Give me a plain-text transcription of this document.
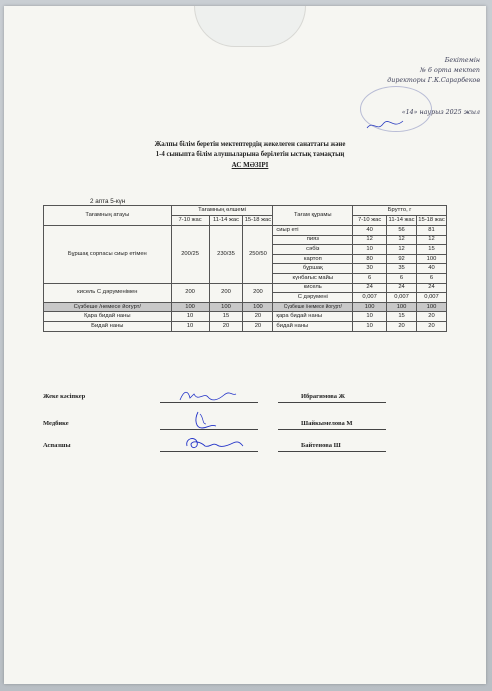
Бекітемін
№ 6 орта мектеп
директоры Г.К.Сарарбеков
«14» наурыз 2025 жыл
Жалпы білім беретін мектептердің жекелеген санаттағы және
1-4 сыныпта білім алушыларына берілетін ыстық тамақтың
АС МӘЗІРІ
2 апта 5-күн
Тағамның атауы	Тағамның өлшемі			Тағам құрамы	Брутто, г		
	7-10 жас	11-14 жас	15-18 жас		7-10 жас	11-14 жас	15-18 жас
Бұршақ сорпасы сиыр етімен	200/25	230/35	250/50	сиыр еті	40	56	81
				пияз	12	12	12
				сәбіз	10	12	15
				картоп	80	92	100
				бұршақ	30	35	40
				күнбағыс майы	6	6	6
кисель С дәруменімен	200	200	200	кисель	24	24	24
				С дәрумені	0,007	0,007	0,007
Сүзбеше /немесе йогурт/	100	100	100	Сүзбеше /немесе йогурт/	100	100	100
Қара бидай наны	10	15	20	қара бидай наны	10	15	20
Бидай наны	10	20	20	бидай наны	10	20	20
Жеке кәсіпкер	Ибрагимова Ж
Медбике	Шайкымелова М
Аспазшы	Байтенова Ш
